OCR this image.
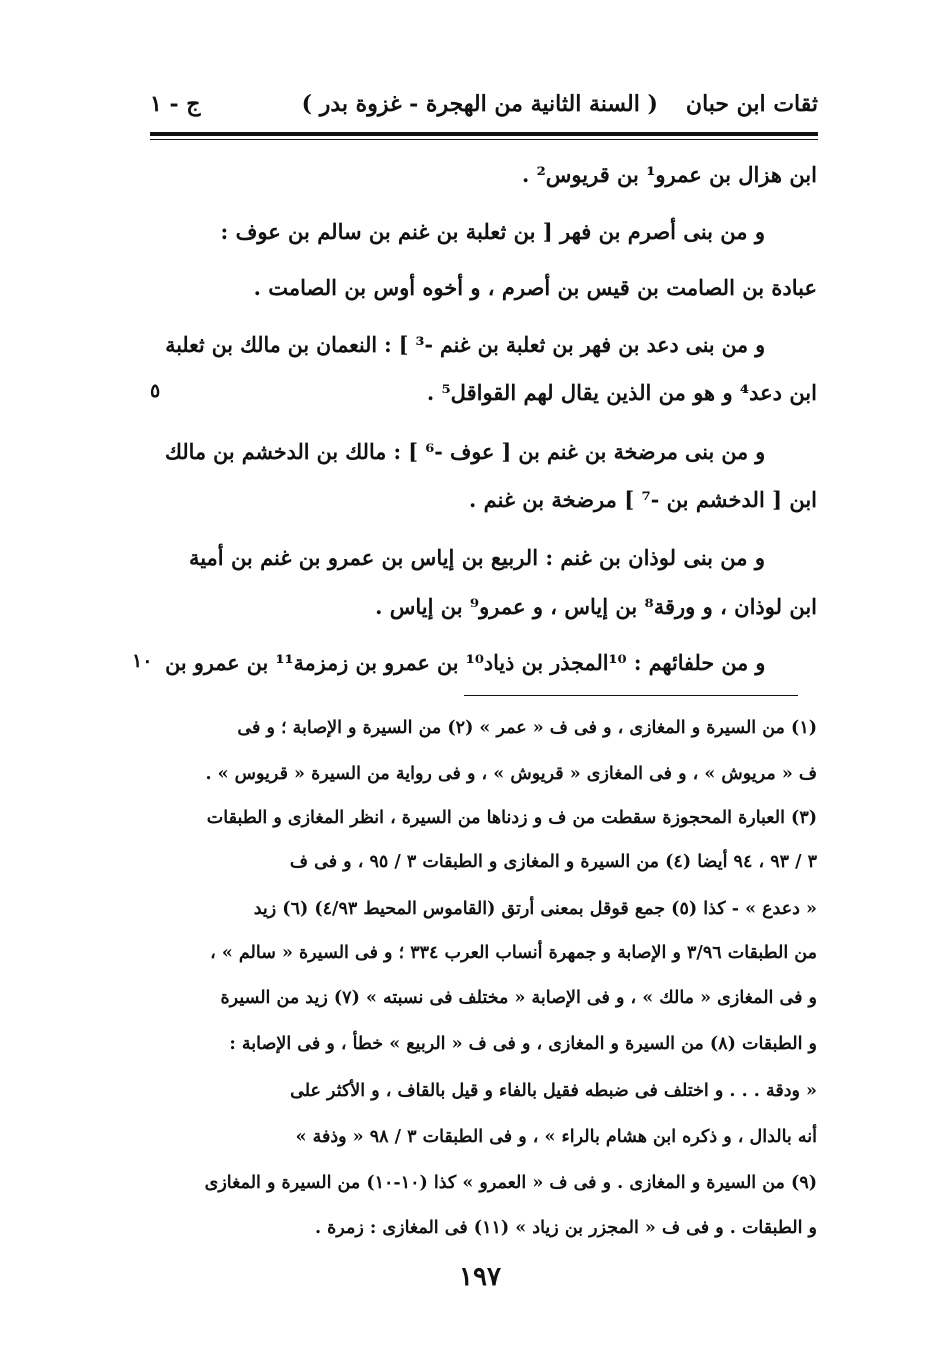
ثقات ابن حبان
( السنة الثانية من الهجرة - غزوة بدر )
ج - ١
ابن هزال بن عمرو¹ بن قريوس² .
و من بنى أصرم بن فهر [ بن ثعلبة بن غنم بن سالم بن عوف :
عبادة بن الصامت بن قيس بن أصرم ، و أخوه أوس بن الصامت .
و من بنى دعد بن فهر بن ثعلبة بن غنم -³ ] : النعمان بن مالك بن ثعلبة
ابن دعد⁴ و هو من الذين يقال لهم القواقل⁵ .
٥
و من بنى مرضخة بن غنم بن [ عوف -⁶ ] : مالك بن الدخشم بن مالك
ابن [ الدخشم بن -⁷ ] مرضخة بن غنم .
و من بنى لوذان بن غنم : الربيع بن إياس بن عمرو بن غنم بن أمية
ابن لوذان ، و ورقة⁸ بن إياس ، و عمرو⁹ بن إياس .
و من حلفائهم : ¹⁰المجذر بن ذياد¹⁰ بن عمرو بن زمزمة¹¹ بن عمرو بن
١٠
(١) من السيرة و المغازى ، و فى ف « عمر » (٢) من السيرة و الإصابة ؛ و فى
ف « مريوش » ، و فى المغازى « قريوش » ، و فى رواية من السيرة « قريوس » .
(٣) العبارة المحجوزة سقطت من ف و زدناها من السيرة ، انظر المغازى و الطبقات
٣ / ٩٣ ، ٩٤ أيضا (٤) من السيرة و المغازى و الطبقات ٣ / ٩٥ ، و فى ف
« دعدع » - كذا (٥) جمع قوقل بمعنى أرتق (القاموس المحيط ٤/٩٣) (٦) زيد
من الطبقات ٣/٩٦ و الإصابة و جمهرة أنساب العرب ٣٣٤ ؛ و فى السيرة « سالم » ،
و فى المغازى « مالك » ، و فى الإصابة « مختلف فى نسبته » (٧) زيد من السيرة
و الطبقات (٨) من السيرة و المغازى ، و فى ف « الربيع » خطأ ، و فى الإصابة :
« ودقة . . . و اختلف فى ضبطه فقيل بالفاء و قيل بالقاف ، و الأكثر على
أنه بالدال ، و ذكره ابن هشام بالراء » ، و فى الطبقات ٣ / ٩٨ « وذفة »
(٩) من السيرة و المغازى . و فى ف « العمرو » كذا (١٠-١٠) من السيرة و المغازى
و الطبقات . و فى ف « المجزر بن زياد » (١١) فى المغازى : زمرة .
١٩٧
